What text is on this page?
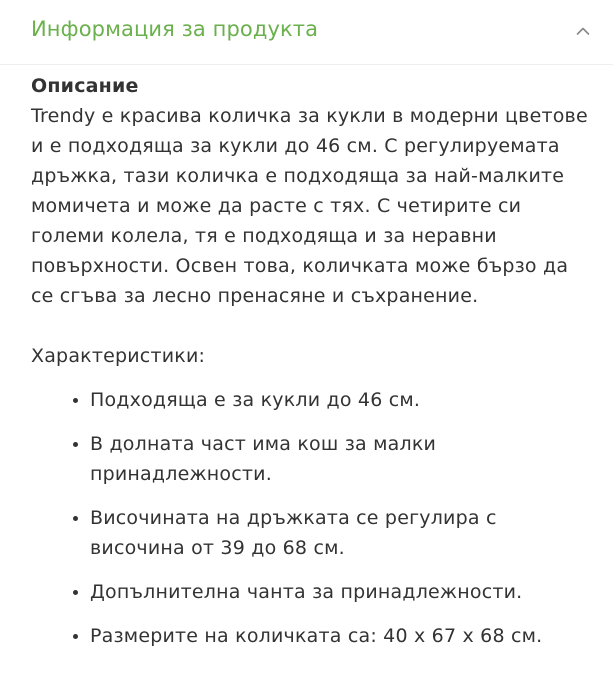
Информация за продукта
Описание

Trendy е красива количка за кукли в модерни цветове и е подходяща за кукли до 46 см. С регулируемата дръжка, тази количка е подходяща за най-малките момичета и може да расте с тях. С четирите си големи колела, тя е подходяща и за неравни повърхности. Освен това, количката може бързо да се сгъва за лесно пренасяне и съхранение.

Характеристики:
Подходяща е за кукли до 46 см.
В долната част има кош за малки принадлежности.
Височината на дръжката се регулира с височина от 39 до 68 см.
Допълнителна чанта за принадлежности.
Размерите на количката са: 40 x 67 x 68 см.
